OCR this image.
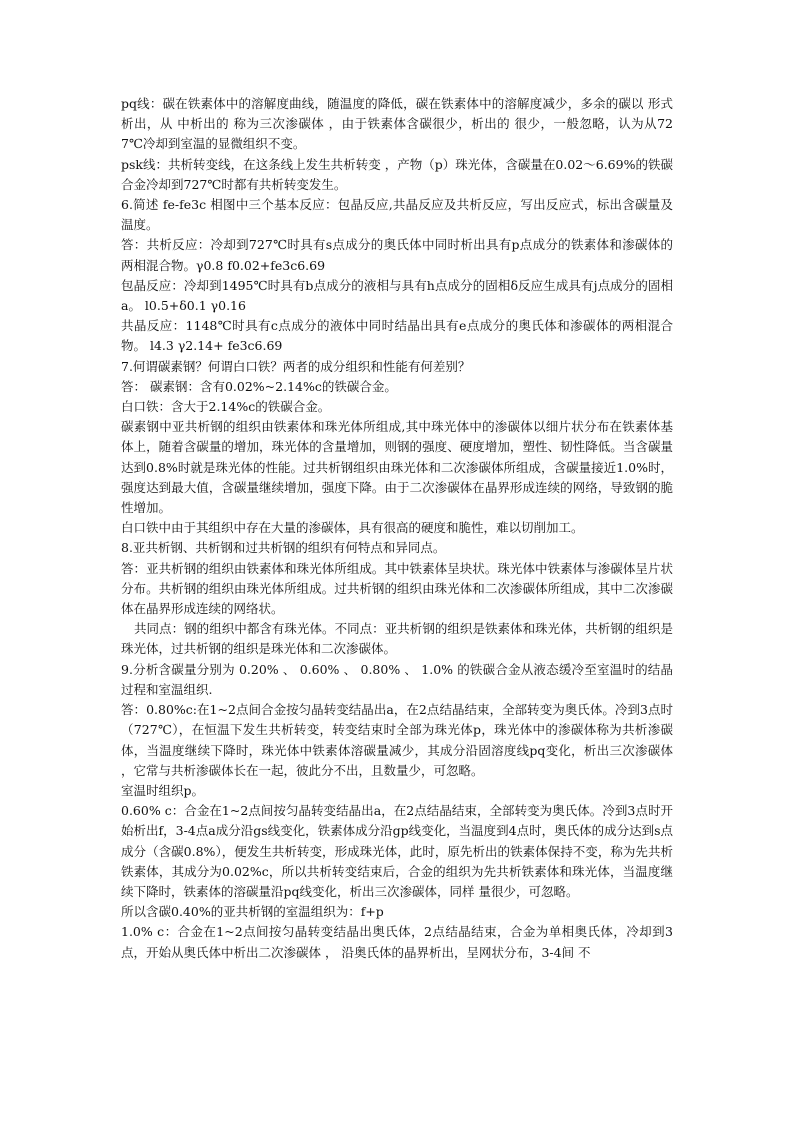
pq线：碳在铁素体中的溶解度曲线，随温度的降低，碳在铁素体中的溶解度减少，多余的碳以 形式析出，从 中析出的 称为三次渗碳体 ，由于铁素体含碳很少，析出的 很少，一般忽略，认为从727℃冷却到室温的显微组织不变。

psk线：共析转变线，在这条线上发生共析转变 ，产物（p）珠光体，含碳量在0.02～6.69%的铁碳合金冷却到727℃时都有共析转变发生。

6.简述 fe-fe3c 相图中三个基本反应：包晶反应,共晶反应及共析反应，写出反应式，标出含碳量及温度。

答：共析反应：冷却到727℃时具有s点成分的奥氏体中同时析出具有p点成分的铁素体和渗碳体的两相混合物。γ0.8 f0.02+fe3c6.69

包晶反应：冷却到1495℃时具有b点成分的液相与具有h点成分的固相δ反应生成具有j点成分的固相a。 l0.5+δ0.1 γ0.16

共晶反应：1148℃时具有c点成分的液体中同时结晶出具有e点成分的奥氏体和渗碳体的两相混合物。 l4.3 γ2.14+ fe3c6.69

7.何谓碳素钢？何谓白口铁？两者的成分组织和性能有何差别？

答： 碳素钢：含有0.02%~2.14%c的铁碳合金。

白口铁：含大于2.14%c的铁碳合金。

碳素钢中亚共析钢的组织由铁素体和珠光体所组成,其中珠光体中的渗碳体以细片状分布在铁素体基体上，随着含碳量的增加，珠光体的含量增加，则钢的强度、硬度增加，塑性、韧性降低。当含碳量达到0.8%时就是珠光体的性能。过共析钢组织由珠光体和二次渗碳体所组成，含碳量接近1.0%时，强度达到最大值，含碳量继续增加，强度下降。由于二次渗碳体在晶界形成连续的网络，导致钢的脆性增加。

白口铁中由于其组织中存在大量的渗碳体，具有很高的硬度和脆性，难以切削加工。

8.亚共析钢、共析钢和过共析钢的组织有何特点和异同点。

答：亚共析钢的组织由铁素体和珠光体所组成。其中铁素体呈块状。珠光体中铁素体与渗碳体呈片状分布。共析钢的组织由珠光体所组成。过共析钢的组织由珠光体和二次渗碳体所组成，其中二次渗碳体在晶界形成连续的网络状。

共同点：钢的组织中都含有珠光体。不同点：亚共析钢的组织是铁素体和珠光体，共析钢的组织是珠光体，过共析钢的组织是珠光体和二次渗碳体。

9.分析含碳量分别为 0.20% 、 0.60% 、 0.80% 、 1.0% 的铁碳合金从液态缓冷至室温时的结晶过程和室温组织.

答：0.80%c:在1~2点间合金按匀晶转变结晶出a，在2点结晶结束，全部转变为奥氏体。冷到3点时（727℃），在恒温下发生共析转变，转变结束时全部为珠光体p，珠光体中的渗碳体称为共析渗碳体，当温度继续下降时，珠光体中铁素体溶碳量减少，其成分沿固溶度线pq变化，析出三次渗碳体 ，它常与共析渗碳体长在一起，彼此分不出，且数量少，可忽略。

室温时组织p。

0.60% c：合金在1~2点间按匀晶转变结晶出a，在2点结晶结束，全部转变为奥氏体。冷到3点时开始析出f，3-4点a成分沿gs线变化，铁素体成分沿gp线变化，当温度到4点时，奥氏体的成分达到s点成分（含碳0.8%），便发生共析转变，形成珠光体，此时，原先析出的铁素体保持不变，称为先共析铁素体，其成分为0.02%c，所以共析转变结束后，合金的组织为先共析铁素体和珠光体，当温度继续下降时，铁素体的溶碳量沿pq线变化，析出三次渗碳体，同样 量很少，可忽略。

所以含碳0.40%的亚共析钢的室温组织为：f+p

1.0% c：合金在1~2点间按匀晶转变结晶出奥氏体，2点结晶结束，合金为单相奥氏体，冷却到3点，开始从奥氏体中析出二次渗碳体 ， 沿奥氏体的晶界析出，呈网状分布，3-4间 不
